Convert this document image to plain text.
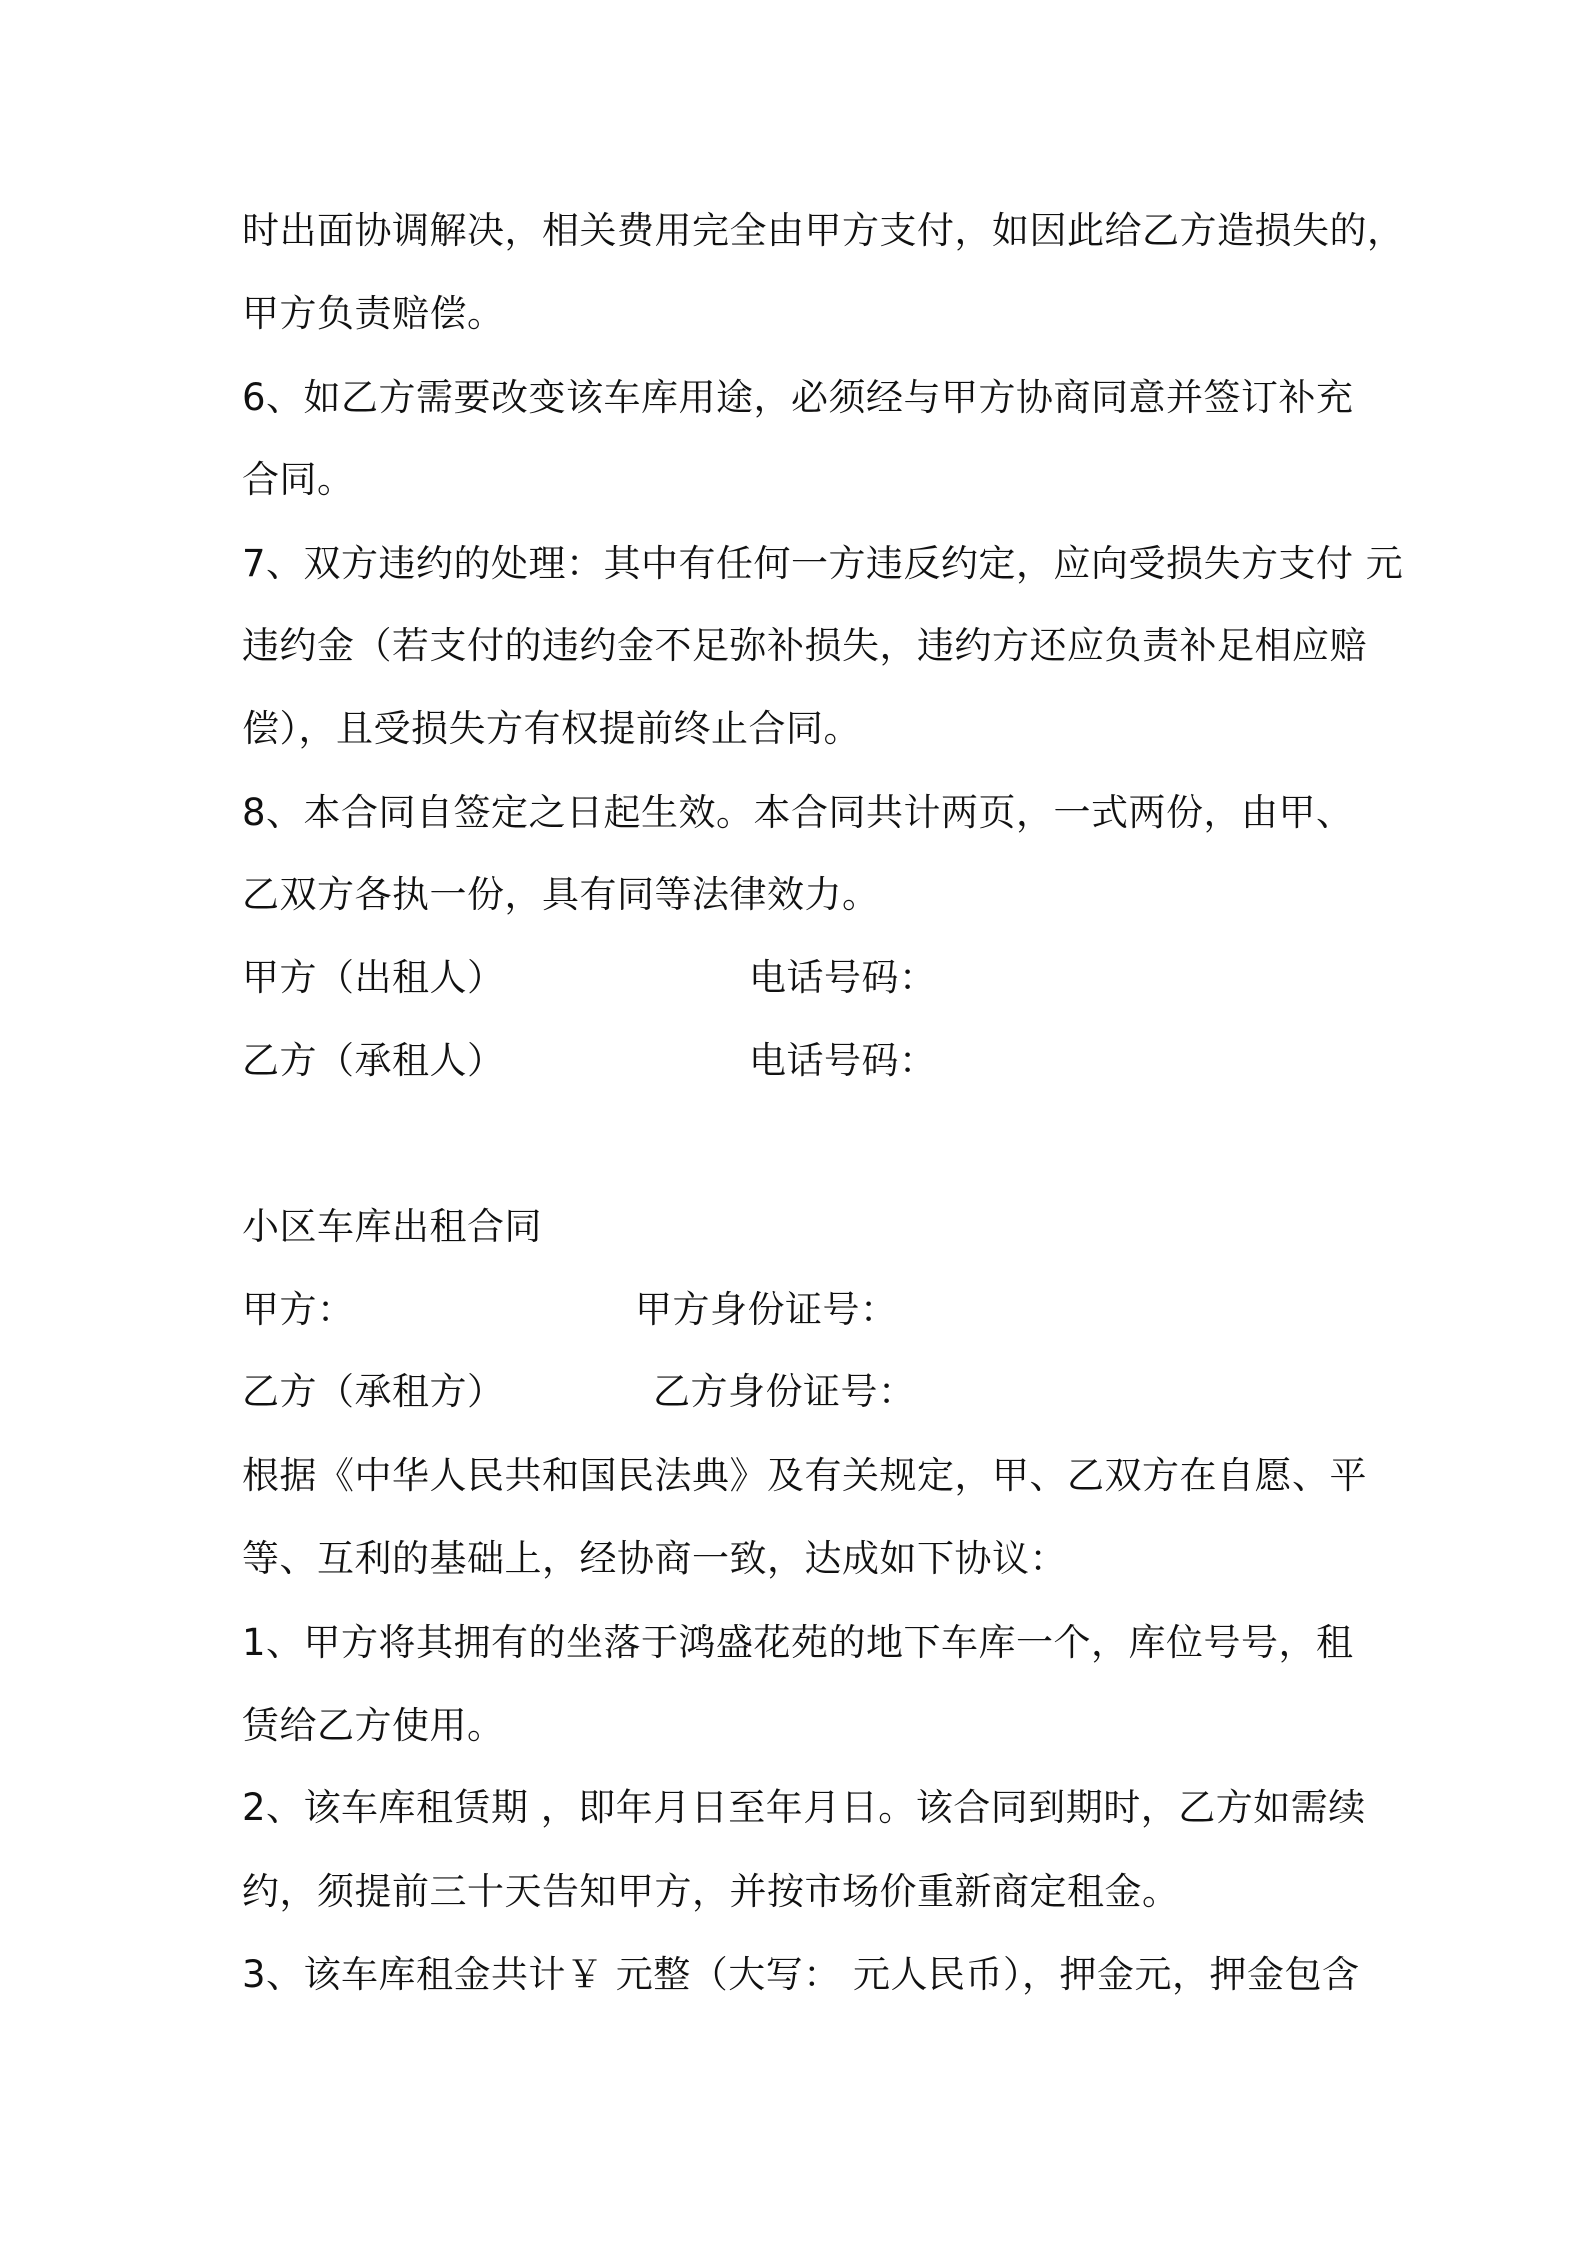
时出面协调解决，相关费用完全由甲方支付，如因此给乙方造损失的，
甲方负责赔偿。
6、如乙方需要改变该车库用途，必须经与甲方协商同意并签订补充
合同。
7、双方违约的处理：其中有任何一方违反约定，应向受损失方支付 元
违约金（若支付的违约金不足弥补损失，违约方还应负责补足相应赔
偿），且受损失方有权提前终止合同。
8、本合同自签定之日起生效。本合同共计两页，一式两份，由甲、
乙双方各执一份，具有同等法律效力。
甲方（出租人）	电话号码：
乙方（承租人）	电话号码：
小区车库出租合同
甲方：	甲方身份证号：
乙方（承租方）	乙方身份证号：
根据《中华人民共和国民法典》及有关规定，甲、乙双方在自愿、平
等、互利的基础上，经协商一致，达成如下协议：
1、甲方将其拥有的坐落于鸿盛花苑的地下车库一个，库位号号，租
赁给乙方使用。
2、该车库租赁期 ，即年月日至年月日。该合同到期时，乙方如需续
约，须提前三十天告知甲方，并按市场价重新商定租金。
3、该车库租金共计￥ 元整（大写： 元人民币），押金元，押金包含
